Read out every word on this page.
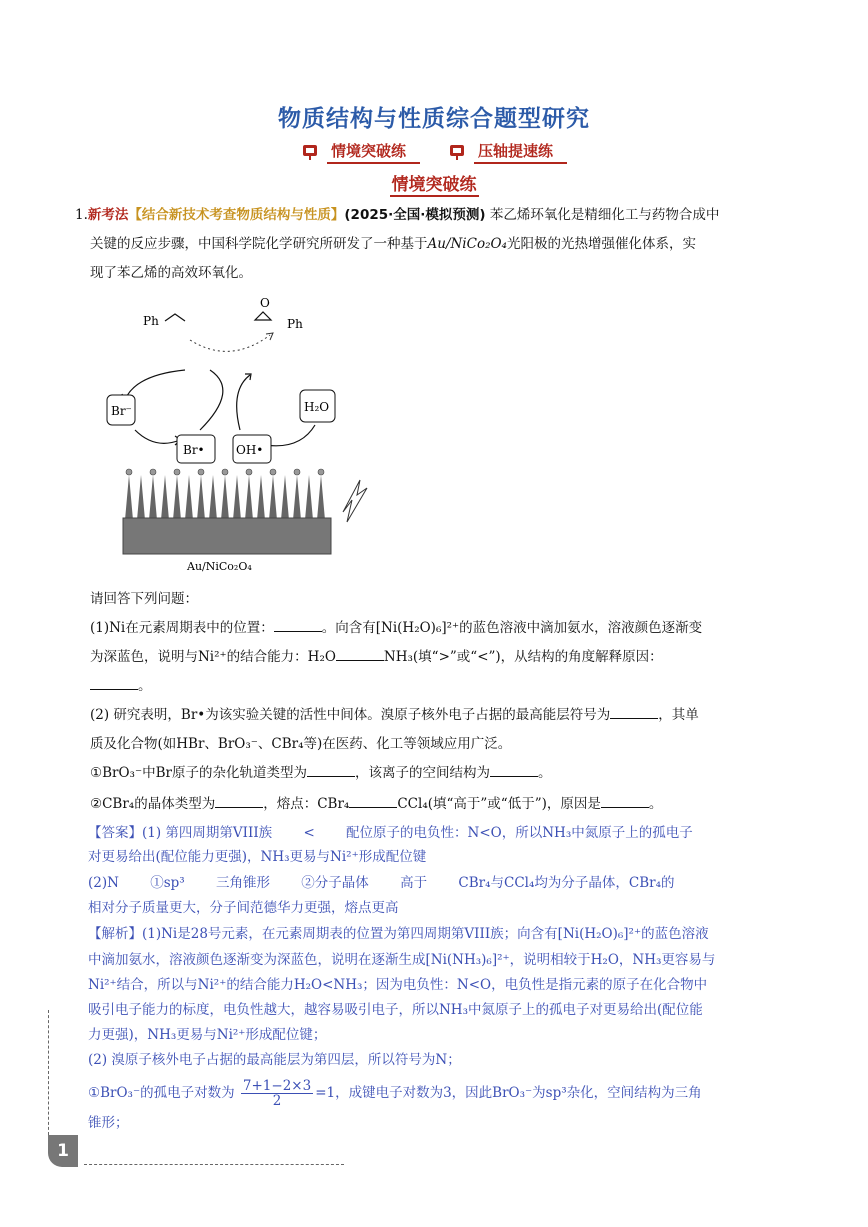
物质结构与性质综合题型研究
情境突破练	压轴提速练
情境突破练
1.新考法【结合新技术考查物质结构与性质】(2025·全国·模拟预测) 苯乙烯环氧化是精细化工与药物合成中
关键的反应步骤，中国科学院化学研究所研发了一种基于Au/NiCo₂O₄光阳极的光热增强催化体系，实
现了苯乙烯的高效环氧化。
Ph
O
Ph
Br⁻	H₂O
Br•	OH•
Au/NiCo₂O₄
请回答下列问题：
(1)Ni在元素周期表中的位置：	。向含有[Ni(H₂O)₆]²⁺的蓝色溶液中滴加氨水，溶液颜色逐渐变
为深蓝色，说明与Ni²⁺的结合能力：H₂O	NH₃(填“>”或“<”)，从结构的角度解释原因：
。
(2) 研究表明，Br•为该实验关键的活性中间体。溴原子核外电子占据的最高能层符号为	，其单
质及化合物(如HBr、BrO₃⁻、CBr₄等)在医药、化工等领域应用广泛。
①BrO₃⁻中Br原子的杂化轨道类型为	，该离子的空间结构为	。
②CBr₄的晶体类型为	，熔点：CBr₄	CCl₄(填“高于”或“低于”)，原因是	。
【答案】(1) 第四周期第VIII族　　 <　　 配位原子的电负性：N<O，所以NH₃中氮原子上的孤电子
对更易给出(配位能力更强)，NH₃更易与Ni²⁺形成配位键
(2)N　　 ①sp³　　 三角锥形　　 ②分子晶体　　 高于　　 CBr₄与CCl₄均为分子晶体，CBr₄的
相对分子质量更大，分子间范德华力更强，熔点更高
【解析】(1)Ni是28号元素，在元素周期表的位置为第四周期第VIII族；向含有[Ni(H₂O)₆]²⁺的蓝色溶液
中滴加氨水，溶液颜色逐渐变为深蓝色，说明在逐渐生成[Ni(NH₃)₆]²⁺，说明相较于H₂O，NH₃更容易与
Ni²⁺结合，所以与Ni²⁺的结合能力H₂O<NH₃；因为电负性：N<O，电负性是指元素的原子在化合物中
吸引电子能力的标度，电负性越大，越容易吸引电子，所以NH₃中氮原子上的孤电子对更易给出(配位能
力更强)，NH₃更易与Ni²⁺形成配位键；
(2) 溴原子核外电子占据的最高能层为第四层，所以符号为N；
①BrO₃⁻的孤电子对数为 $\frac{7+1-2\times 3}{2} =1$，成键电子对数为3，因此BrO₃⁻为sp³杂化，空间结构为三角
锥形；
1
